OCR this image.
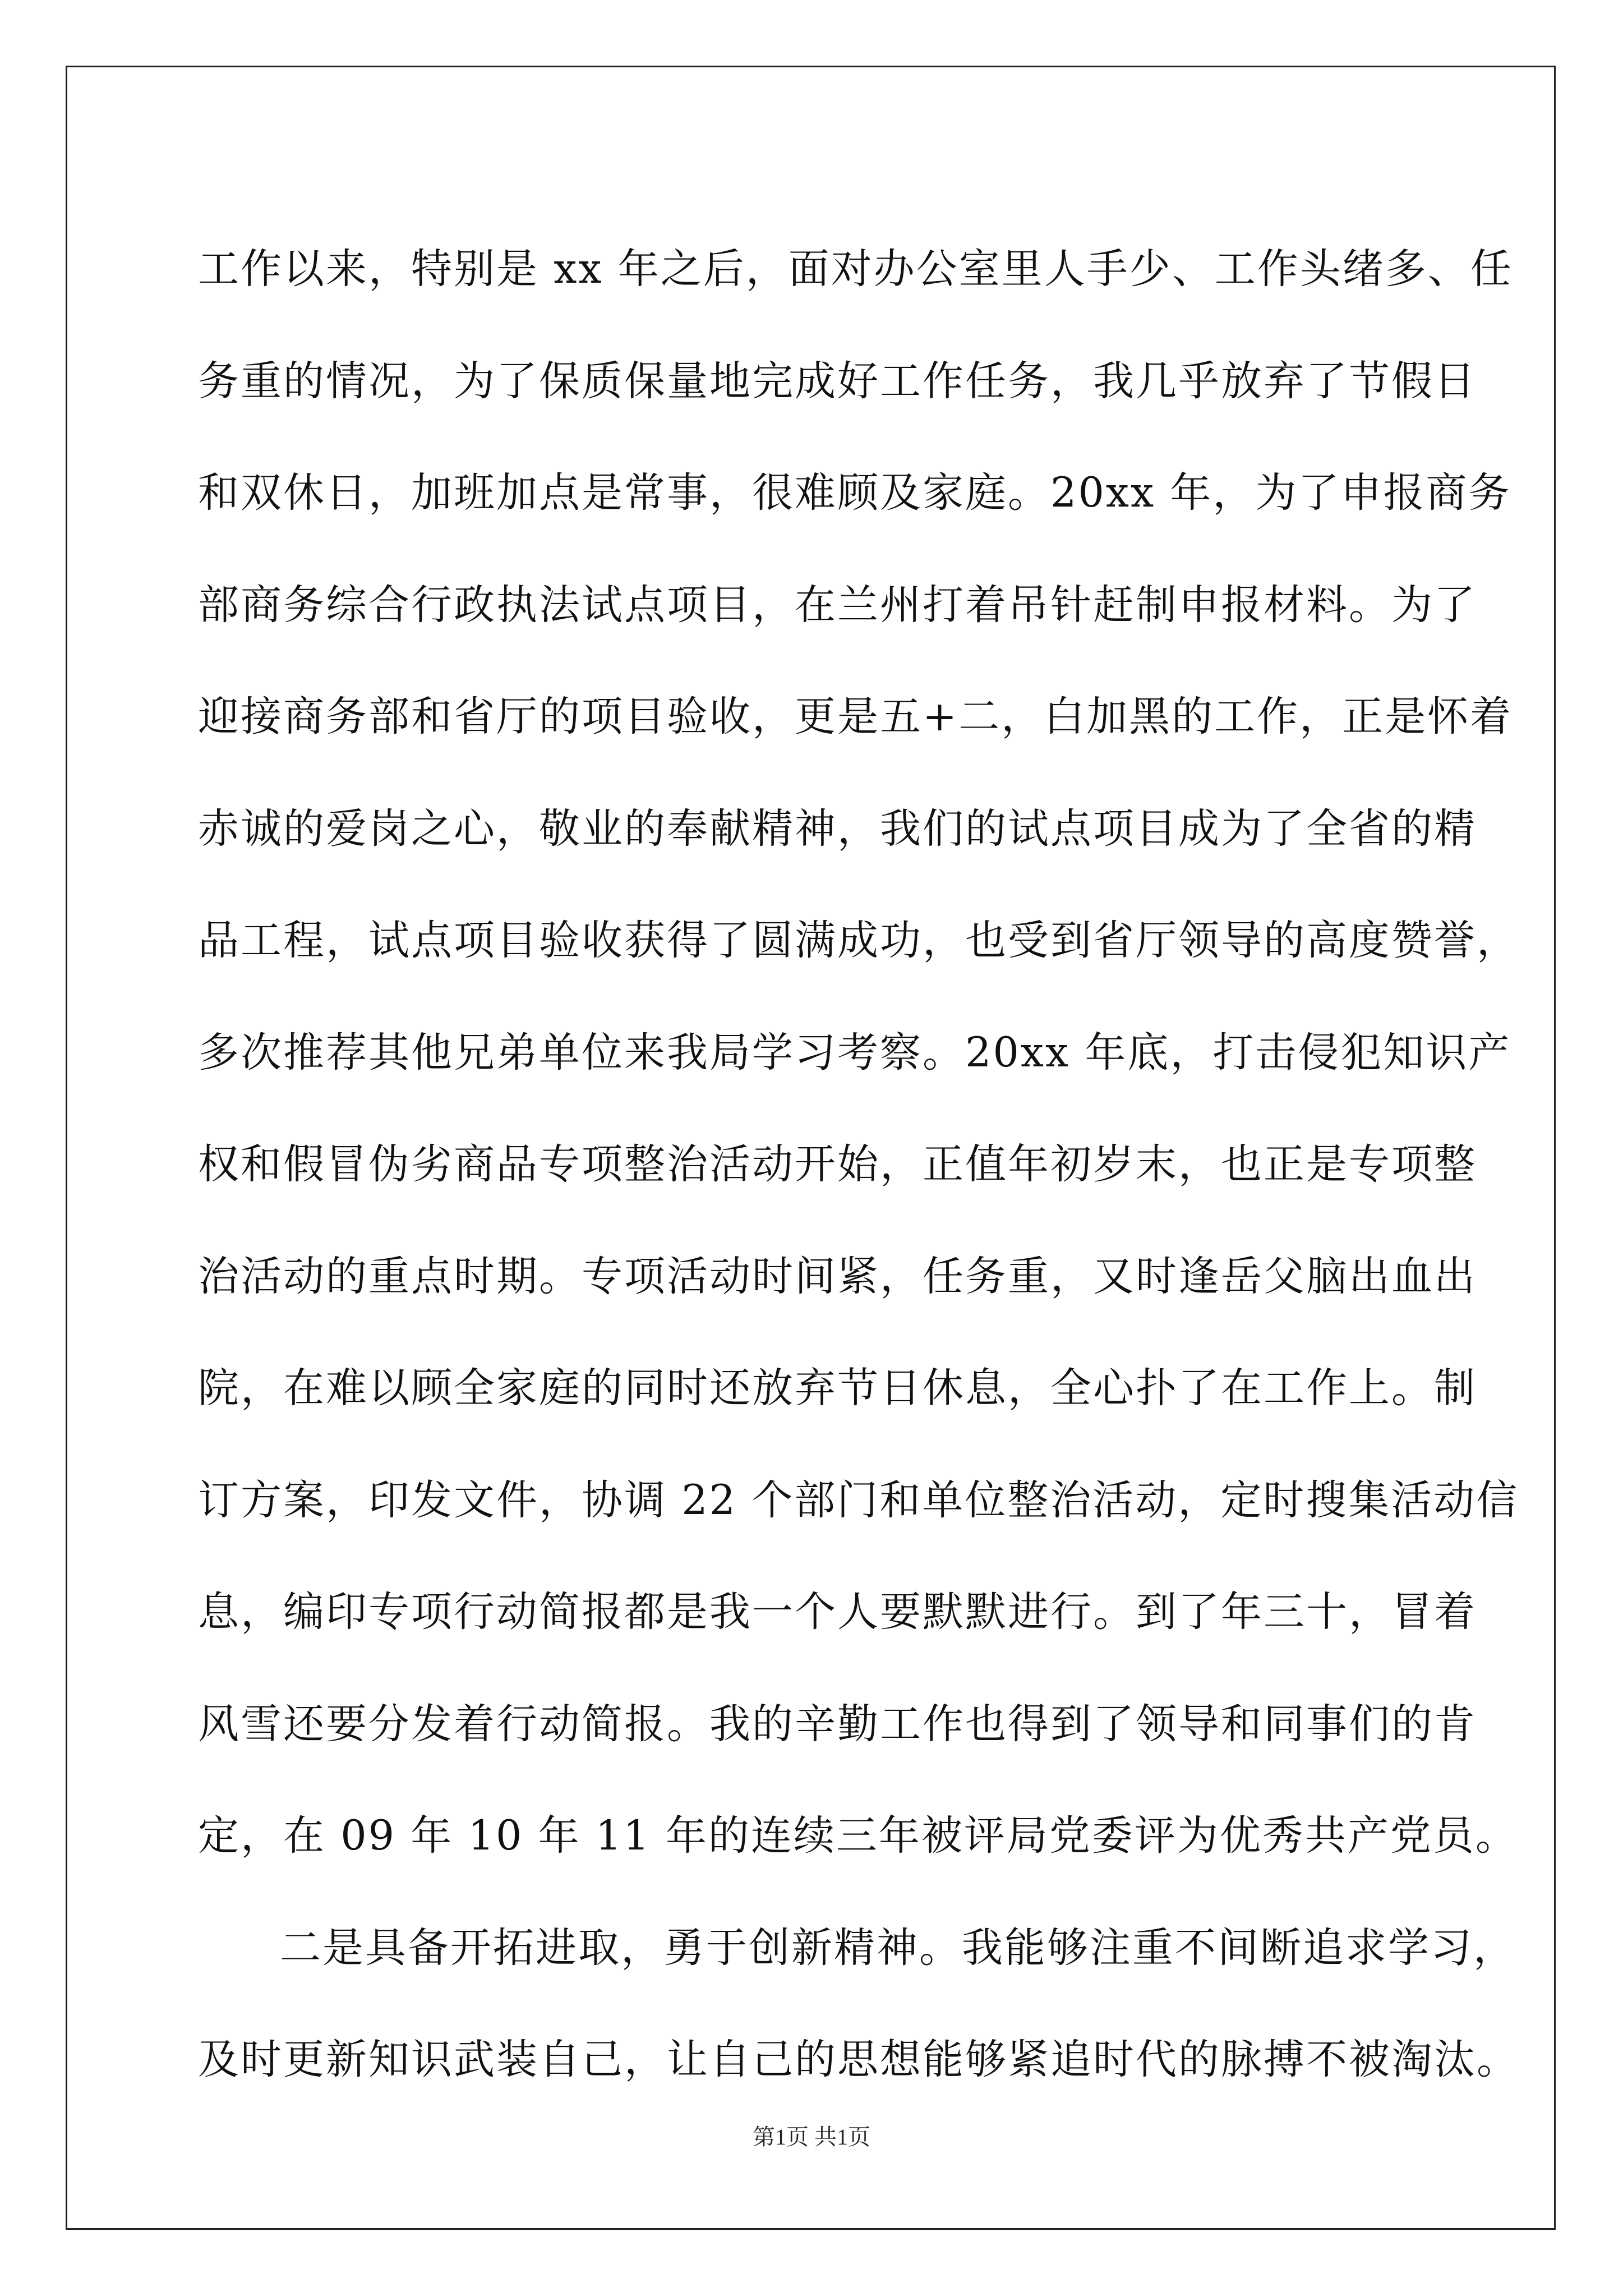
工作以来，特别是 xx 年之后，面对办公室里人手少、工作头绪多、任
务重的情况，为了保质保量地完成好工作任务，我几乎放弃了节假日
和双休日，加班加点是常事，很难顾及家庭。20xx 年，为了申报商务
部商务综合行政执法试点项目，在兰州打着吊针赶制申报材料。为了
迎接商务部和省厅的项目验收，更是五+二，白加黑的工作，正是怀着
赤诚的爱岗之心，敬业的奉献精神，我们的试点项目成为了全省的精
品工程，试点项目验收获得了圆满成功，也受到省厅领导的高度赞誉，
多次推荐其他兄弟单位来我局学习考察。20xx 年底，打击侵犯知识产
权和假冒伪劣商品专项整治活动开始，正值年初岁末，也正是专项整
治活动的重点时期。专项活动时间紧，任务重，又时逢岳父脑出血出
院，在难以顾全家庭的同时还放弃节日休息，全心扑了在工作上。制
订方案，印发文件，协调 22 个部门和单位整治活动，定时搜集活动信
息，编印专项行动简报都是我一个人要默默进行。到了年三十，冒着
风雪还要分发着行动简报。我的辛勤工作也得到了领导和同事们的肯
定，在 09 年 10 年 11 年的连续三年被评局党委评为优秀共产党员。
二是具备开拓进取，勇于创新精神。我能够注重不间断追求学习，
及时更新知识武装自己，让自己的思想能够紧追时代的脉搏不被淘汰。
第1页 共1页
